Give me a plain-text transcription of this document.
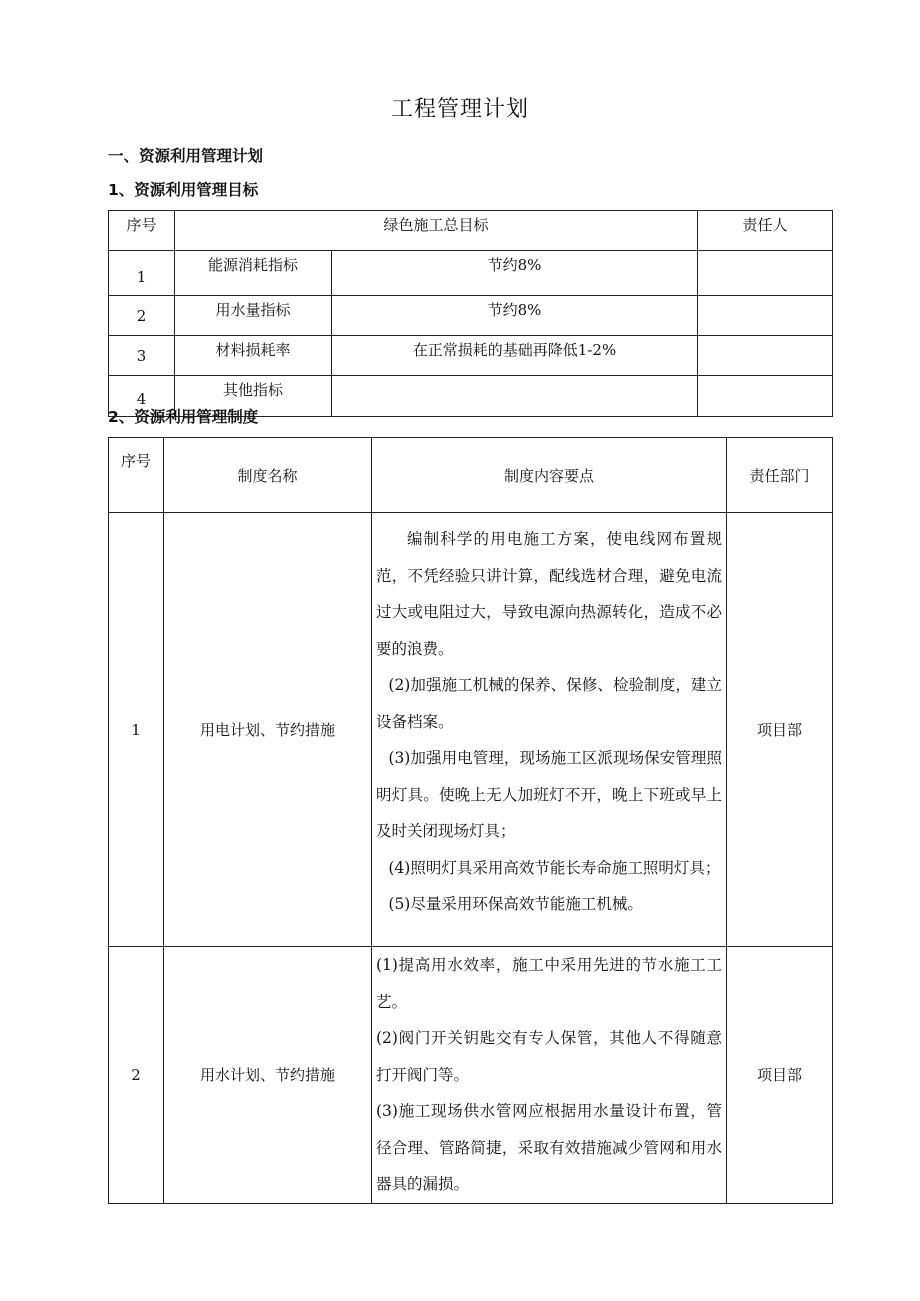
工程管理计划
一、资源利用管理计划
1、资源利用管理目标
序号	绿色施工总目标		责任人
1	能源消耗指标	节约8%	
2	用水量指标	节约8%	
3	材料损耗率	在正常损耗的基础再降低1-2%	
4	其他指标		
2、资源利用管理制度
序号	制度名称	制度内容要点	责任部门
1	用电计划、节约措施	编制科学的用电施工方案，使电线网布置规范，不凭经验只讲计算，配线选材合理，避免电流过大或电阻过大，导致电源向热源转化，造成不必要的浪费。

(2)加强施工机械的保养、保修、检验制度，建立设备档案。

(3)加强用电管理，现场施工区派现场保安管理照明灯具。使晚上无人加班灯不开，晚上下班或早上及时关闭现场灯具；

(4)照明灯具采用高效节能长寿命施工照明灯具；

(5)尽量采用环保高效节能施工机械。	项目部
2	用水计划、节约措施	(1)提高用水效率，施工中采用先进的节水施工工艺。

(2)阀门开关钥匙交有专人保管，其他人不得随意打开阀门等。

(3)施工现场供水管网应根据用水量设计布置，管径合理、管路简捷，采取有效措施减少管网和用水器具的漏损。	项目部
